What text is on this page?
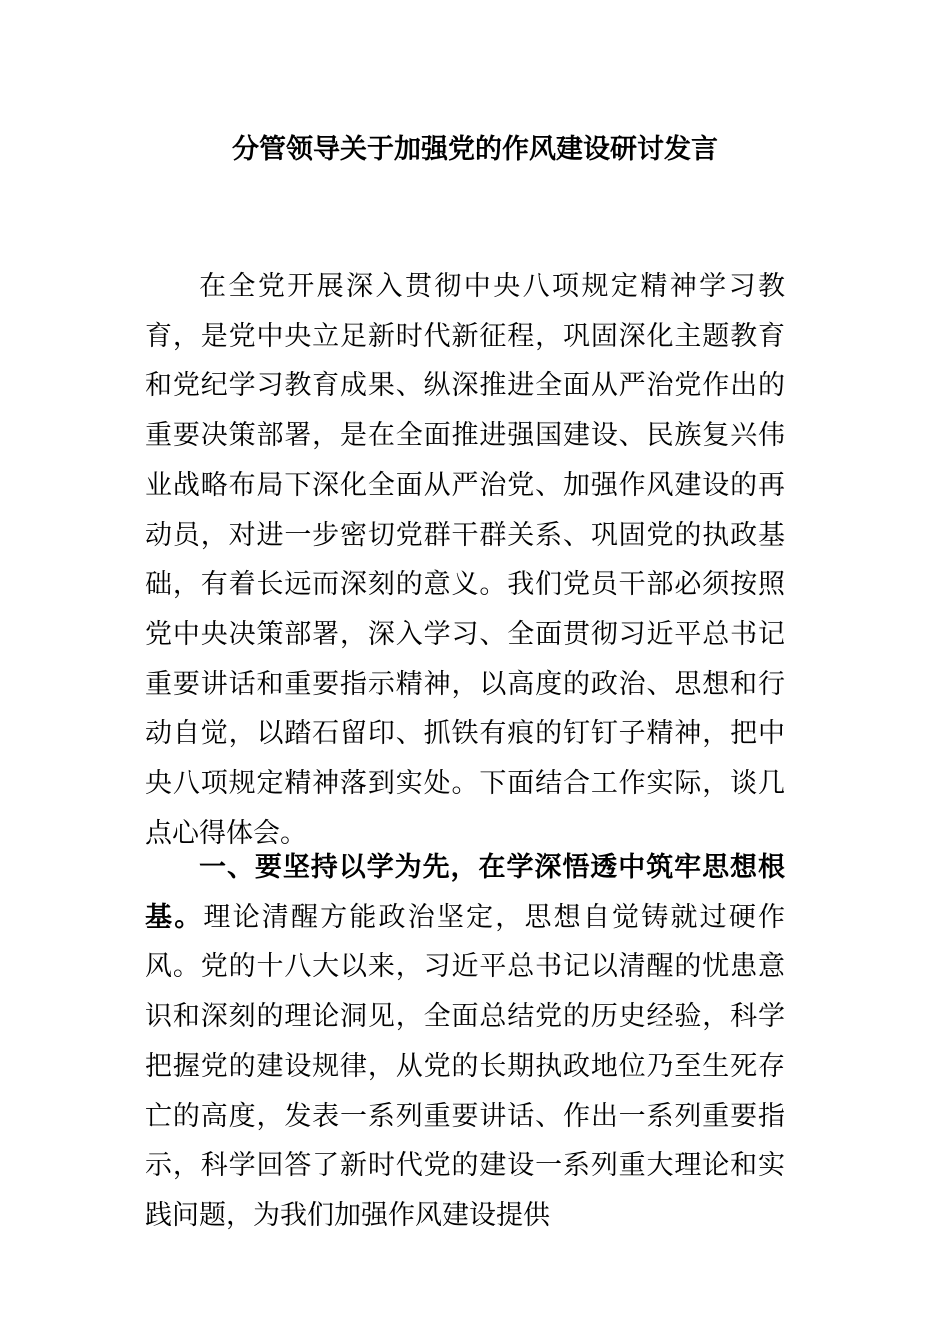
分管领导关于加强党的作风建设研讨发言

在全党开展深入贯彻中央八项规定精神学习教育，是党中央立足新时代新征程，巩固深化主题教育和党纪学习教育成果、纵深推进全面从严治党作出的重要决策部署，是在全面推进强国建设、民族复兴伟业战略布局下深化全面从严治党、加强作风建设的再动员，对进一步密切党群干群关系、巩固党的执政基础，有着长远而深刻的意义。我们党员干部必须按照党中央决策部署，深入学习、全面贯彻习近平总书记重要讲话和重要指示精神，以高度的政治、思想和行动自觉，以踏石留印、抓铁有痕的钉钉子精神，把中央八项规定精神落到实处。下面结合工作实际，谈几点心得体会。

一、要坚持以学为先，在学深悟透中筑牢思想根基。理论清醒方能政治坚定，思想自觉铸就过硬作风。党的十八大以来，习近平总书记以清醒的忧患意识和深刻的理论洞见，全面总结党的历史经验，科学把握党的建设规律，从党的长期执政地位乃至生死存亡的高度，发表一系列重要讲话、作出一系列重要指示，科学回答了新时代党的建设一系列重大理论和实践问题，为我们加强作风建设提供
